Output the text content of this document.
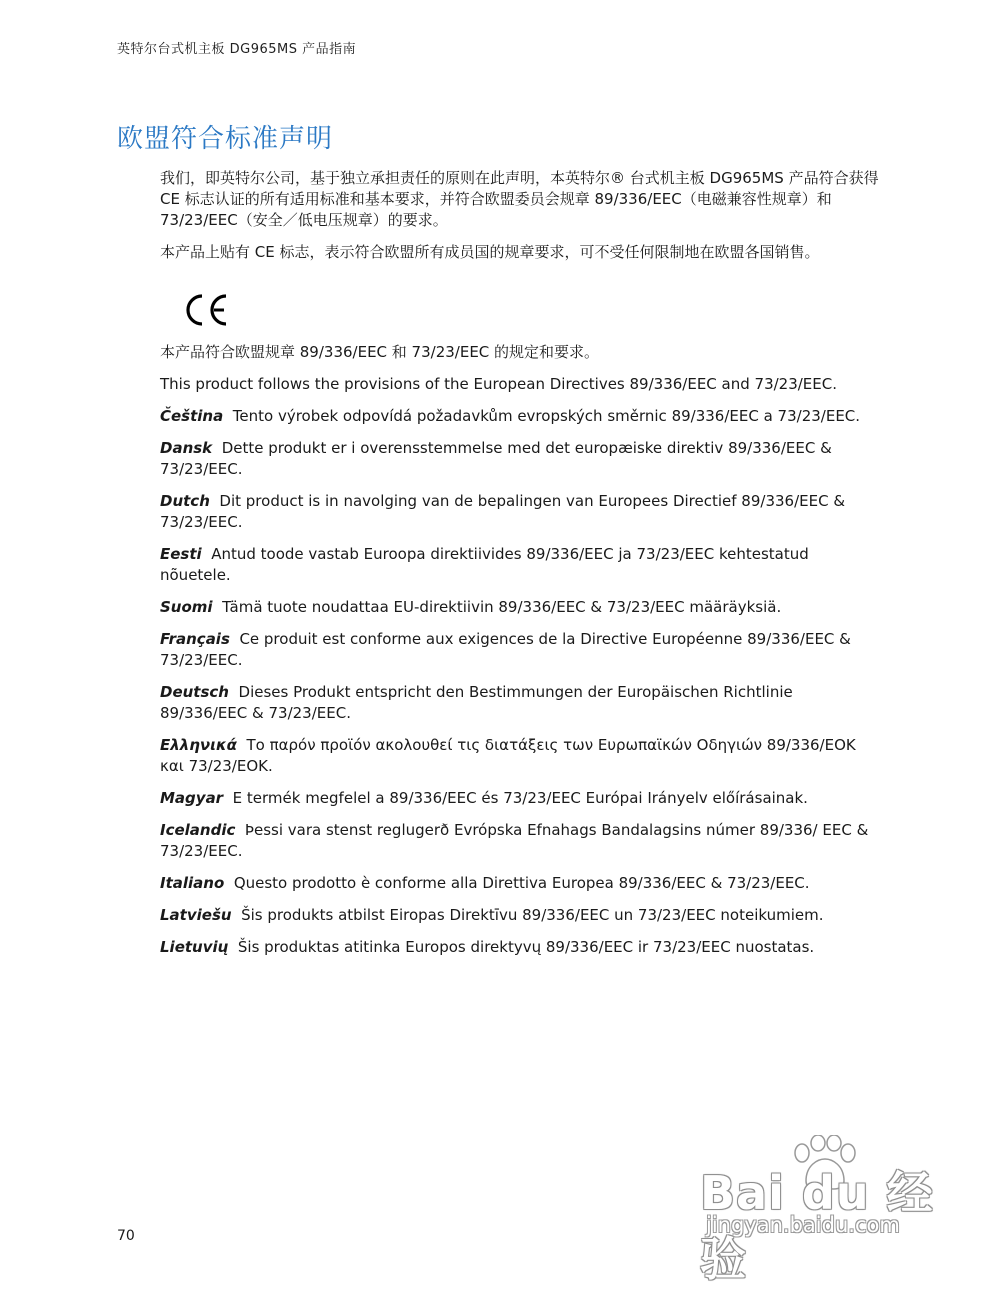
英特尔台式机主板 DG965MS 产品指南
欧盟符合标准声明

我们，即英特尔公司，基于独立承担责任的原则在此声明，本英特尔® 台式机主板 DG965MS 产品符合获得 CE 标志认证的所有适用标准和基本要求，并符合欧盟委员会规章 89/336/EEC（电磁兼容性规章）和 73/23/EEC（安全／低电压规章）的要求。

本产品上贴有 CE 标志，表示符合欧盟所有成员国的规章要求，可不受任何限制地在欧盟各国销售。

本产品符合欧盟规章 89/336/EEC 和 73/23/EEC 的规定和要求。

This product follows the provisions of the European Directives 89/336/EEC and 73/23/EEC.

Čeština Tento výrobek odpovídá požadavkům evropských směrnic 89/336/EEC a 73/23/EEC.

Dansk Dette produkt er i overensstemmelse med det europæiske direktiv 89/336/EEC & 73/23/EEC.

Dutch Dit product is in navolging van de bepalingen van Europees Directief 89/336/EEC & 73/23/EEC.

Eesti Antud toode vastab Euroopa direktiivides 89/336/EEC ja 73/23/EEC kehtestatud nõuetele.

Suomi Tämä tuote noudattaa EU-direktiivin 89/336/EEC & 73/23/EEC määräyksiä.

Français Ce produit est conforme aux exigences de la Directive Européenne 89/336/EEC & 73/23/EEC.

Deutsch Dieses Produkt entspricht den Bestimmungen der Europäischen Richtlinie 89/336/EEC & 73/23/EEC.

Ελληνικά Το παρόν προϊόν ακολουθεί τις διατάξεις των Ευρωπαϊκών Οδηγιών 89/336/ΕΟΚ και 73/23/ΕΟΚ.

Magyar E termék megfelel a 89/336/EEC és 73/23/EEC Európai Irányelv előírásainak.

Icelandic Þessi vara stenst reglugerð Evrópska Efnahags Bandalagsins númer 89/336/ EEC & 73/23/EEC.

Italiano Questo prodotto è conforme alla Direttiva Europea 89/336/EEC & 73/23/EEC.

Latviešu Šis produkts atbilst Eiropas Direktīvu 89/336/EEC un 73/23/EEC noteikumiem.

Lietuvių Šis produktas atitinka Europos direktyvų 89/336/EEC ir 73/23/EEC nuostatas.

70
Bai du 经验
jingyan.baidu.com
